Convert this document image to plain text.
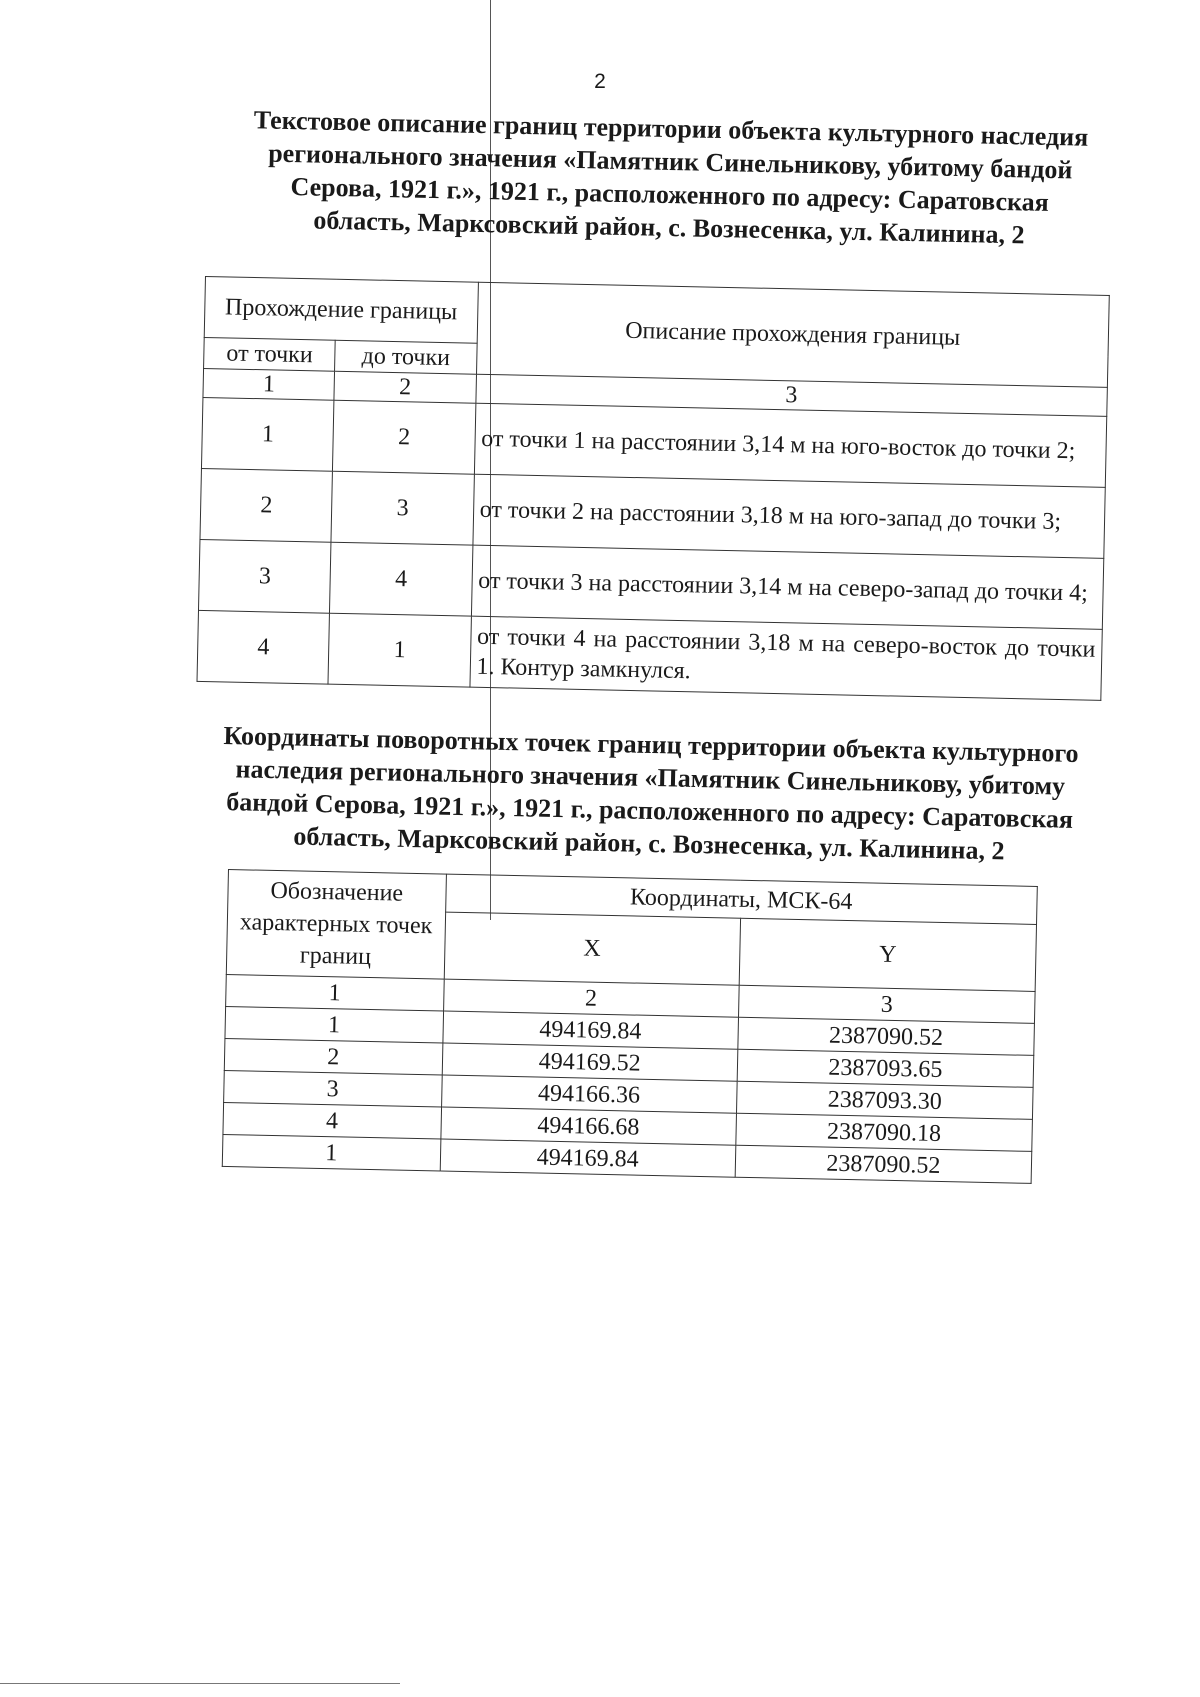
2
Текстовое описание границ территории объекта культурного наследия
регионального значения «Памятник Синельникову, убитому бандой
Серова, 1921 г.», 1921 г., расположенного по адресу: Саратовская
область, Марксовский район, с. Вознесенка, ул. Калинина, 2
Прохождение границы		Описание прохождения границы
от точки	до точки	
1	2	3
1	2	от точки 1 на расстоянии 3,14 м на юго-восток до точки 2;
2	3	от точки 2 на расстоянии 3,18 м на юго-запад до точки 3;
3	4	от точки 3 на расстоянии 3,14 м на северо-запад до точки 4;
4	1	от точки 4 на расстоянии 3,18 м на северо-восток до точки 1. Контур замкнулся.
Координаты поворотных точек границ территории объекта культурного
наследия регионального значения «Памятник Синельникову, убитому
бандой Серова, 1921 г.», 1921 г., расположенного по адресу: Саратовская
область, Марксовский район, с. Вознесенка, ул. Калинина, 2
Обозначение характерных точек границ	Координаты, МСК-64	
	X	Y
1	2	3
1	494169.84	2387090.52
2	494169.52	2387093.65
3	494166.36	2387093.30
4	494166.68	2387090.18
1	494169.84	2387090.52
